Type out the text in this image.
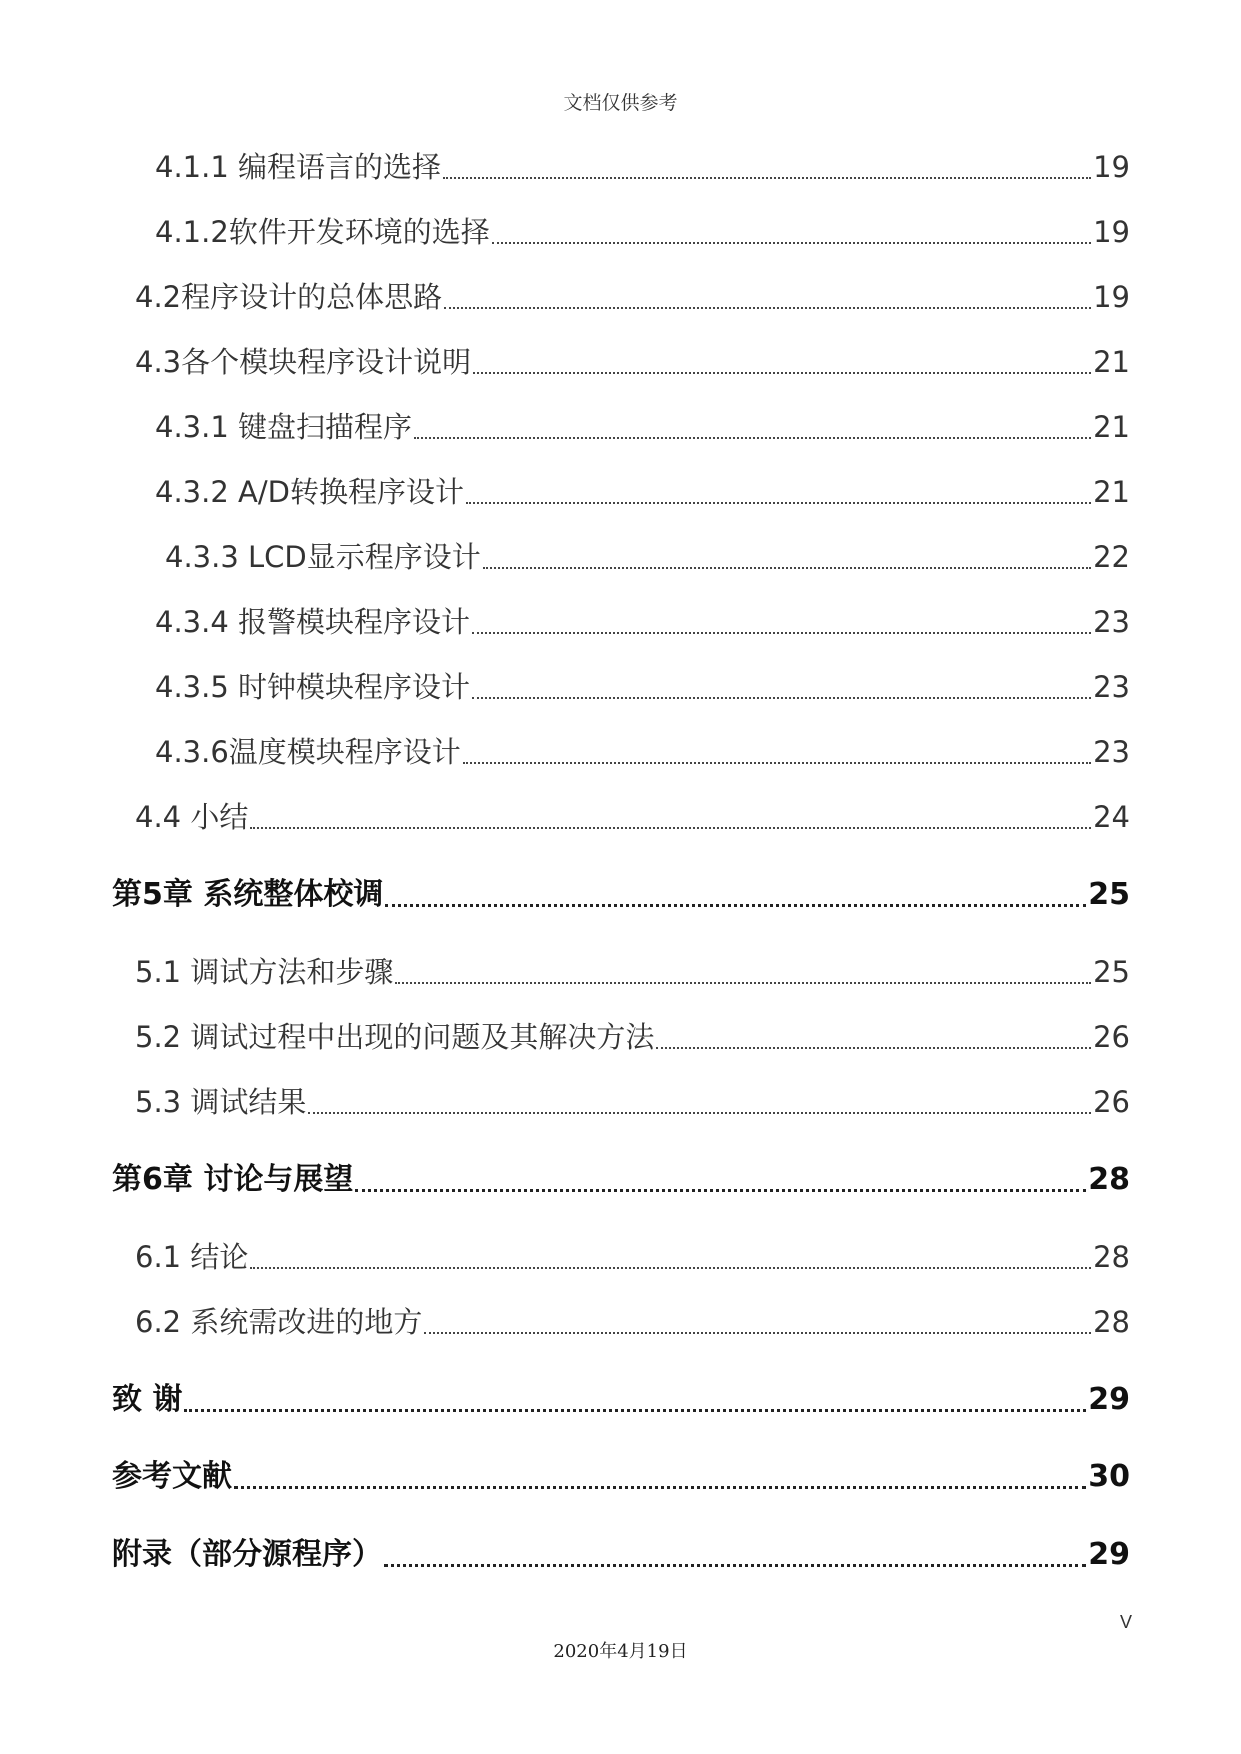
文档仅供参考
4.1.1 编程语言的选择	19
4.1.2软件开发环境的选择	19
4.2程序设计的总体思路	19
4.3各个模块程序设计说明	21
4.3.1 键盘扫描程序	21
4.3.2 A/D转换程序设计	21
4.3.3 LCD显示程序设计	22
4.3.4 报警模块程序设计	23
4.3.5 时钟模块程序设计	23
4.3.6温度模块程序设计	23
4.4 小结	24
第5章 系统整体校调	25
5.1 调试方法和步骤	25
5.2 调试过程中出现的问题及其解决方法	26
5.3 调试结果	26
第6章 讨论与展望	28
6.1 结论	28
6.2 系统需改进的地方	28
致 谢	29
参考文献	30
附录（部分源程序）	29
V
2020年4月19日
